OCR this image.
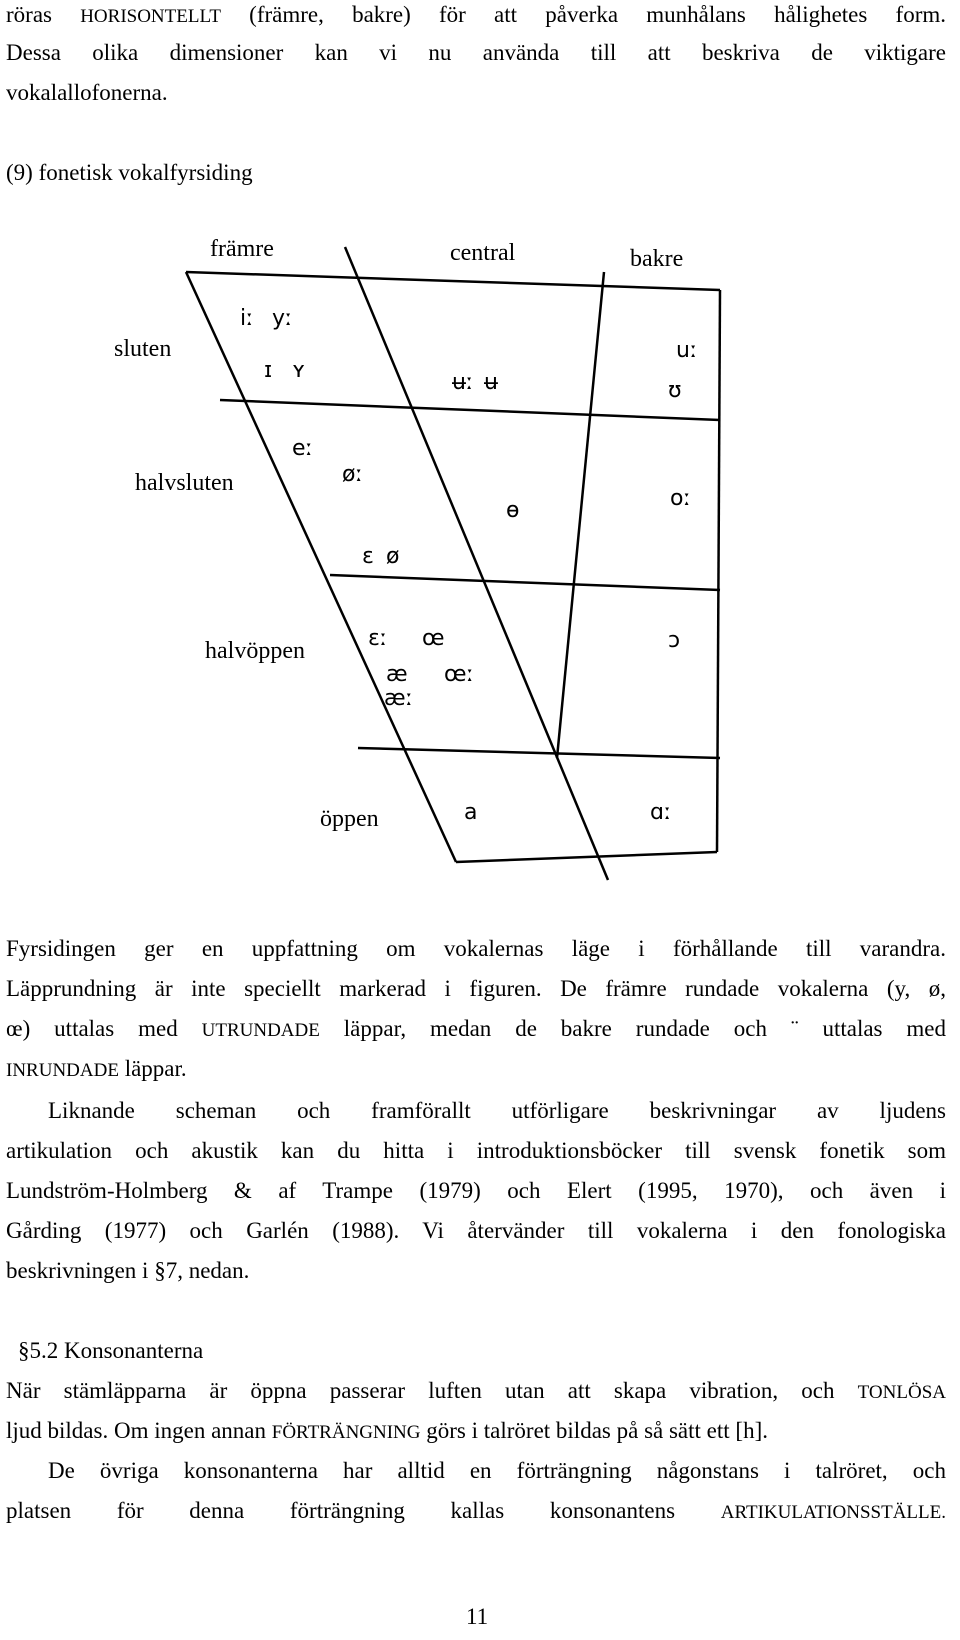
röras HORISONTELLT (främre, bakre) för att påverka munhålans hålighetes form.
Dessa olika dimensioner kan vi nu använda till att beskriva de viktigare
vokalallofonerna.
(9) fonetisk vokalfyrsiding
främre	central	bakre
sluten
halvsluten
halvöppen
öppen
iː yː
ɪ ʏ	ʉː ʉ
uː
ʊ
eː
øː
ɵ	oː
ɛ ø
ɛː œ	ɔ
æ œː
æː
a	ɑː
Fyrsidingen ger en uppfattning om vokalernas läge i förhållande till varandra.
Läpprundning är inte speciellt markerad i figuren. De främre rundade vokalerna (y, ø,
œ) uttalas med UTRUNDADE läppar, medan de bakre rundade och ¨ uttalas med
INRUNDADE läppar.
Liknande scheman och framförallt utförligare beskrivningar av ljudens
artikulation och akustik kan du hitta i introduktionsböcker till svensk fonetik som
Lundström-Holmberg & af Trampe (1979) och Elert (1995, 1970), och även i
Gårding (1977) och Garlén (1988). Vi återvänder till vokalerna i den fonologiska
beskrivningen i §7, nedan.
§5.2 Konsonanterna
När stämläpparna är öppna passerar luften utan att skapa vibration, och TONLÖSA
ljud bildas. Om ingen annan FÖRTRÄNGNING görs i talröret bildas på så sätt ett [h].
De övriga konsonanterna har alltid en förträngning någonstans i talröret, och
platsen för denna förträngning kallas konsonantens ARTIKULATIONSSTÄLLE.
11
